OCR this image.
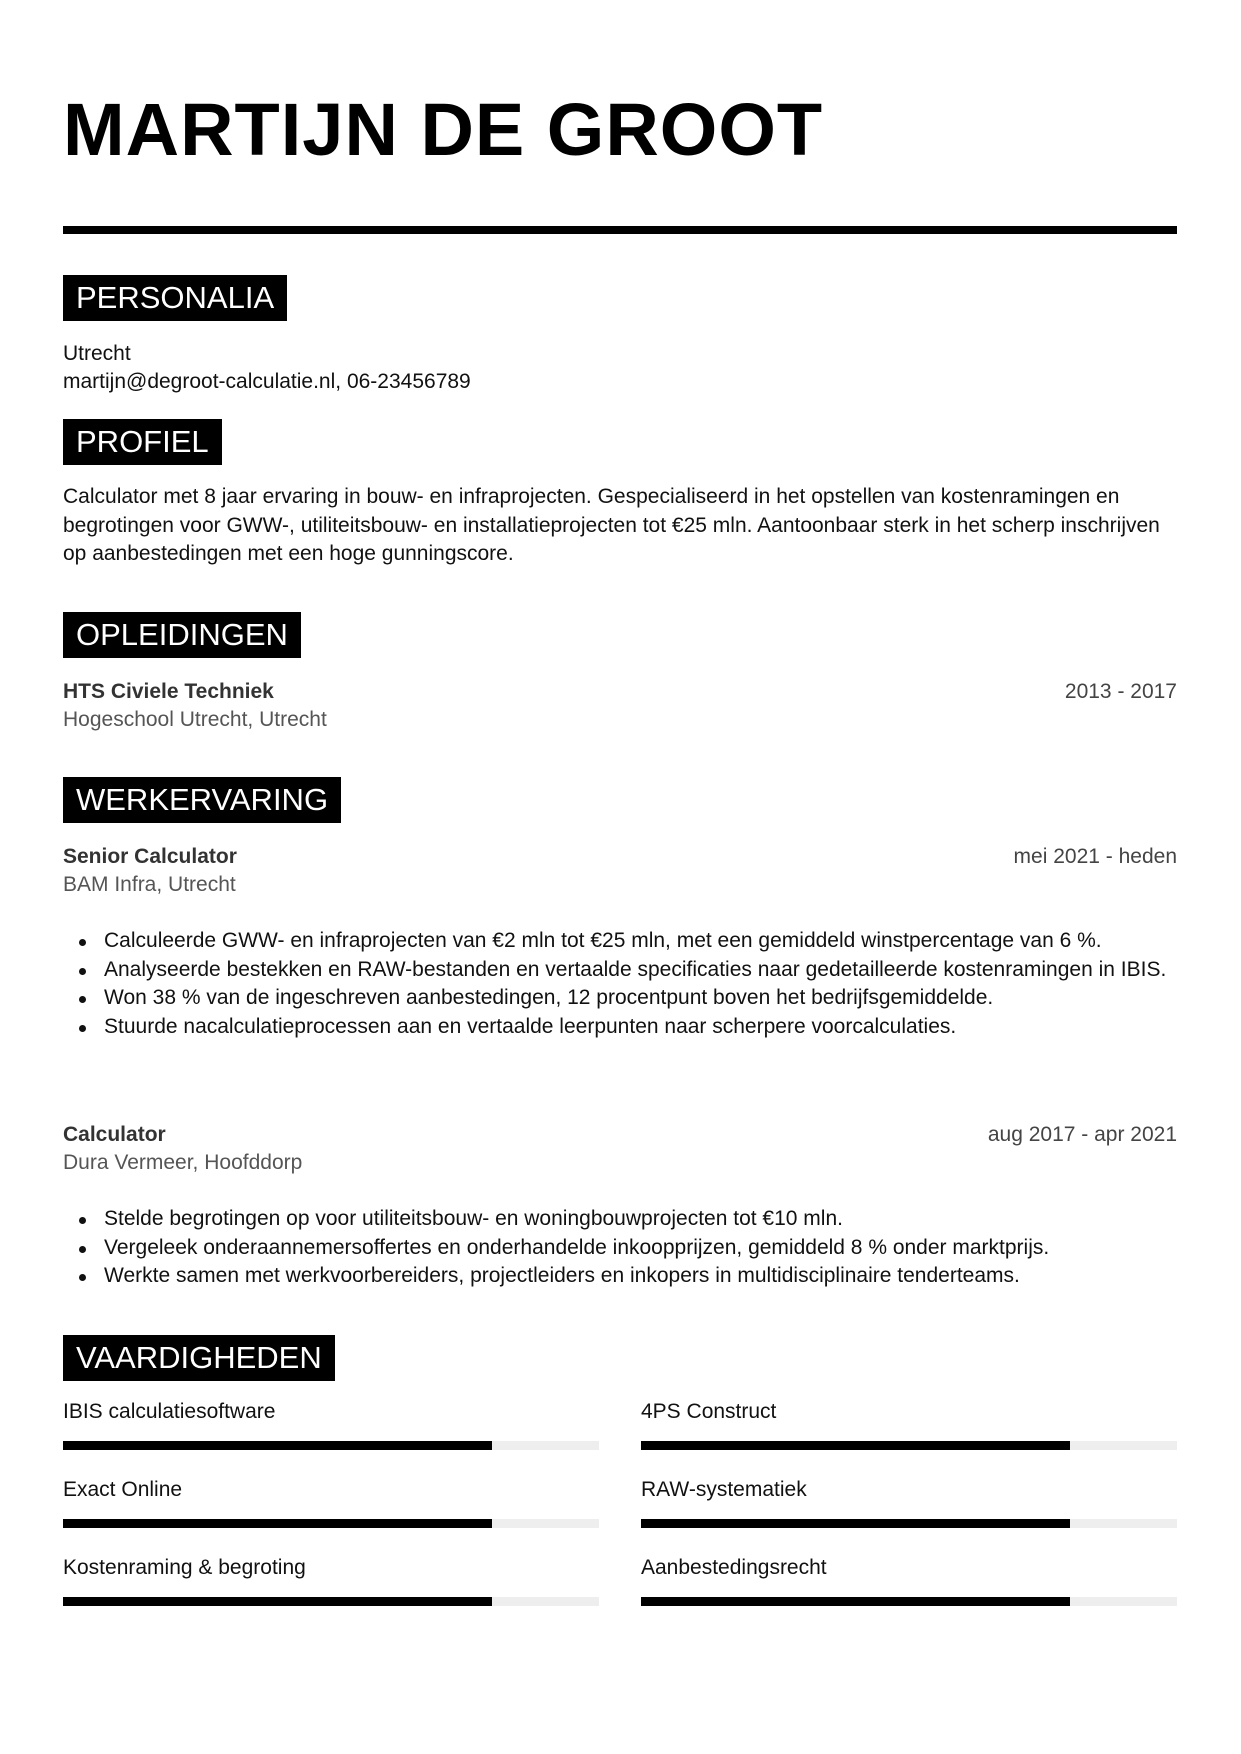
MARTIJN DE GROOT
PERSONALIA
Utrecht
martijn@degroot-calculatie.nl, 06-23456789
PROFIEL
Calculator met 8 jaar ervaring in bouw- en infraprojecten. Gespecialiseerd in het opstellen van kostenramingen en begrotingen voor GWW-, utiliteitsbouw- en installatieprojecten tot €25 mln. Aantoonbaar sterk in het scherp inschrijven op aanbestedingen met een hoge gunningscore.
OPLEIDINGEN
HTS Civiele Techniek	2013 - 2017
Hogeschool Utrecht, Utrecht
WERKERVARING
Senior Calculator	mei 2021 - heden
BAM Infra, Utrecht
Calculeerde GWW- en infraprojecten van €2 mln tot €25 mln, met een gemiddeld winstpercentage van 6 %.
Analyseerde bestekken en RAW-bestanden en vertaalde specificaties naar gedetailleerde kostenramingen in IBIS.
Won 38 % van de ingeschreven aanbestedingen, 12 procentpunt boven het bedrijfsgemiddelde.
Stuurde nacalculatieprocessen aan en vertaalde leerpunten naar scherpere voorcalculaties.
Calculator	aug 2017 - apr 2021
Dura Vermeer, Hoofddorp
Stelde begrotingen op voor utiliteitsbouw- en woningbouwprojecten tot €10 mln.
Vergeleek onderaannemersoffertes en onderhandelde inkoopprijzen, gemiddeld 8 % onder marktprijs.
Werkte samen met werkvoorbereiders, projectleiders en inkopers in multidisciplinaire tenderteams.
VAARDIGHEDEN
IBIS calculatiesoftware	4PS Construct
Exact Online	RAW-systematiek
Kostenraming & begroting	Aanbestedingsrecht
